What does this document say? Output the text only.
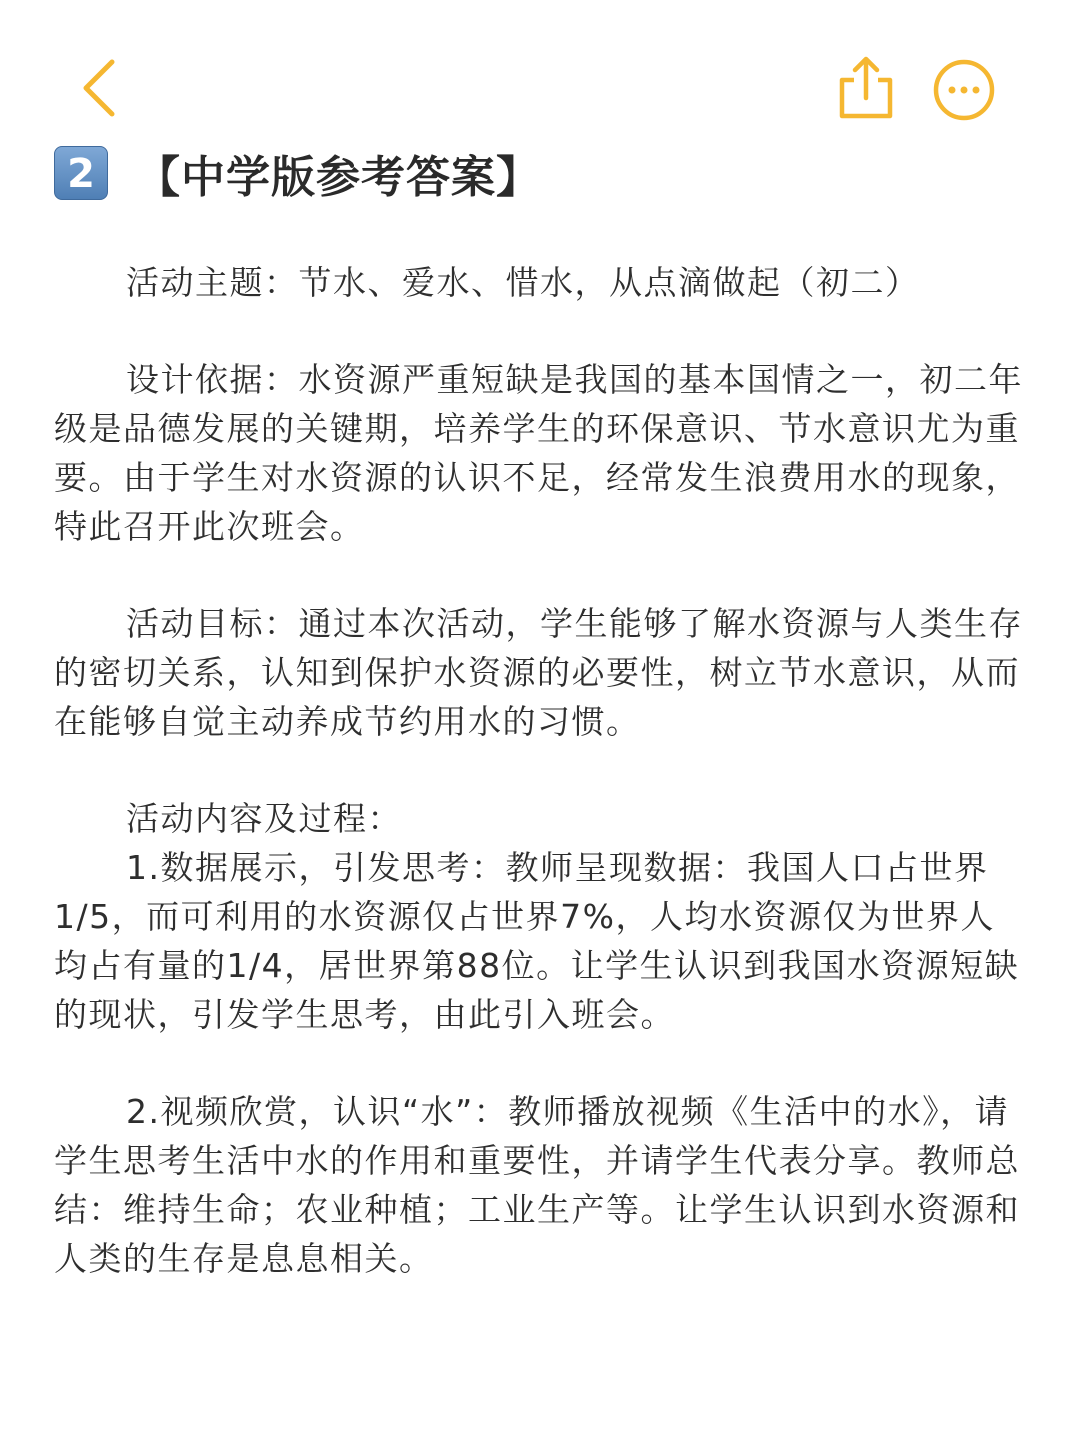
2 【中学版参考答案】

活动主题：节水、爱水、惜水，从点滴做起（初二）

设计依据：水资源严重短缺是我国的基本国情之一，初二年级是品德发展的关键期，培养学生的环保意识、节水意识尤为重要。由于学生对水资源的认识不足，经常发生浪费用水的现象，特此召开此次班会。

活动目标：通过本次活动，学生能够了解水资源与人类生存的密切关系，认知到保护水资源的必要性，树立节水意识，从而在能够自觉主动养成节约用水的习惯。

活动内容及过程：

1.数据展示，引发思考：教师呈现数据：我国人口占世界1/5，而可利用的水资源仅占世界7%，人均水资源仅为世界人均占有量的1/4，居世界第88位。让学生认识到我国水资源短缺的现状，引发学生思考，由此引入班会。

2.视频欣赏，认识“水”：教师播放视频《生活中的水》，请学生思考生活中水的作用和重要性，并请学生代表分享。教师总结：维持生命；农业种植；工业生产等。让学生认识到水资源和人类的生存是息息相关。
